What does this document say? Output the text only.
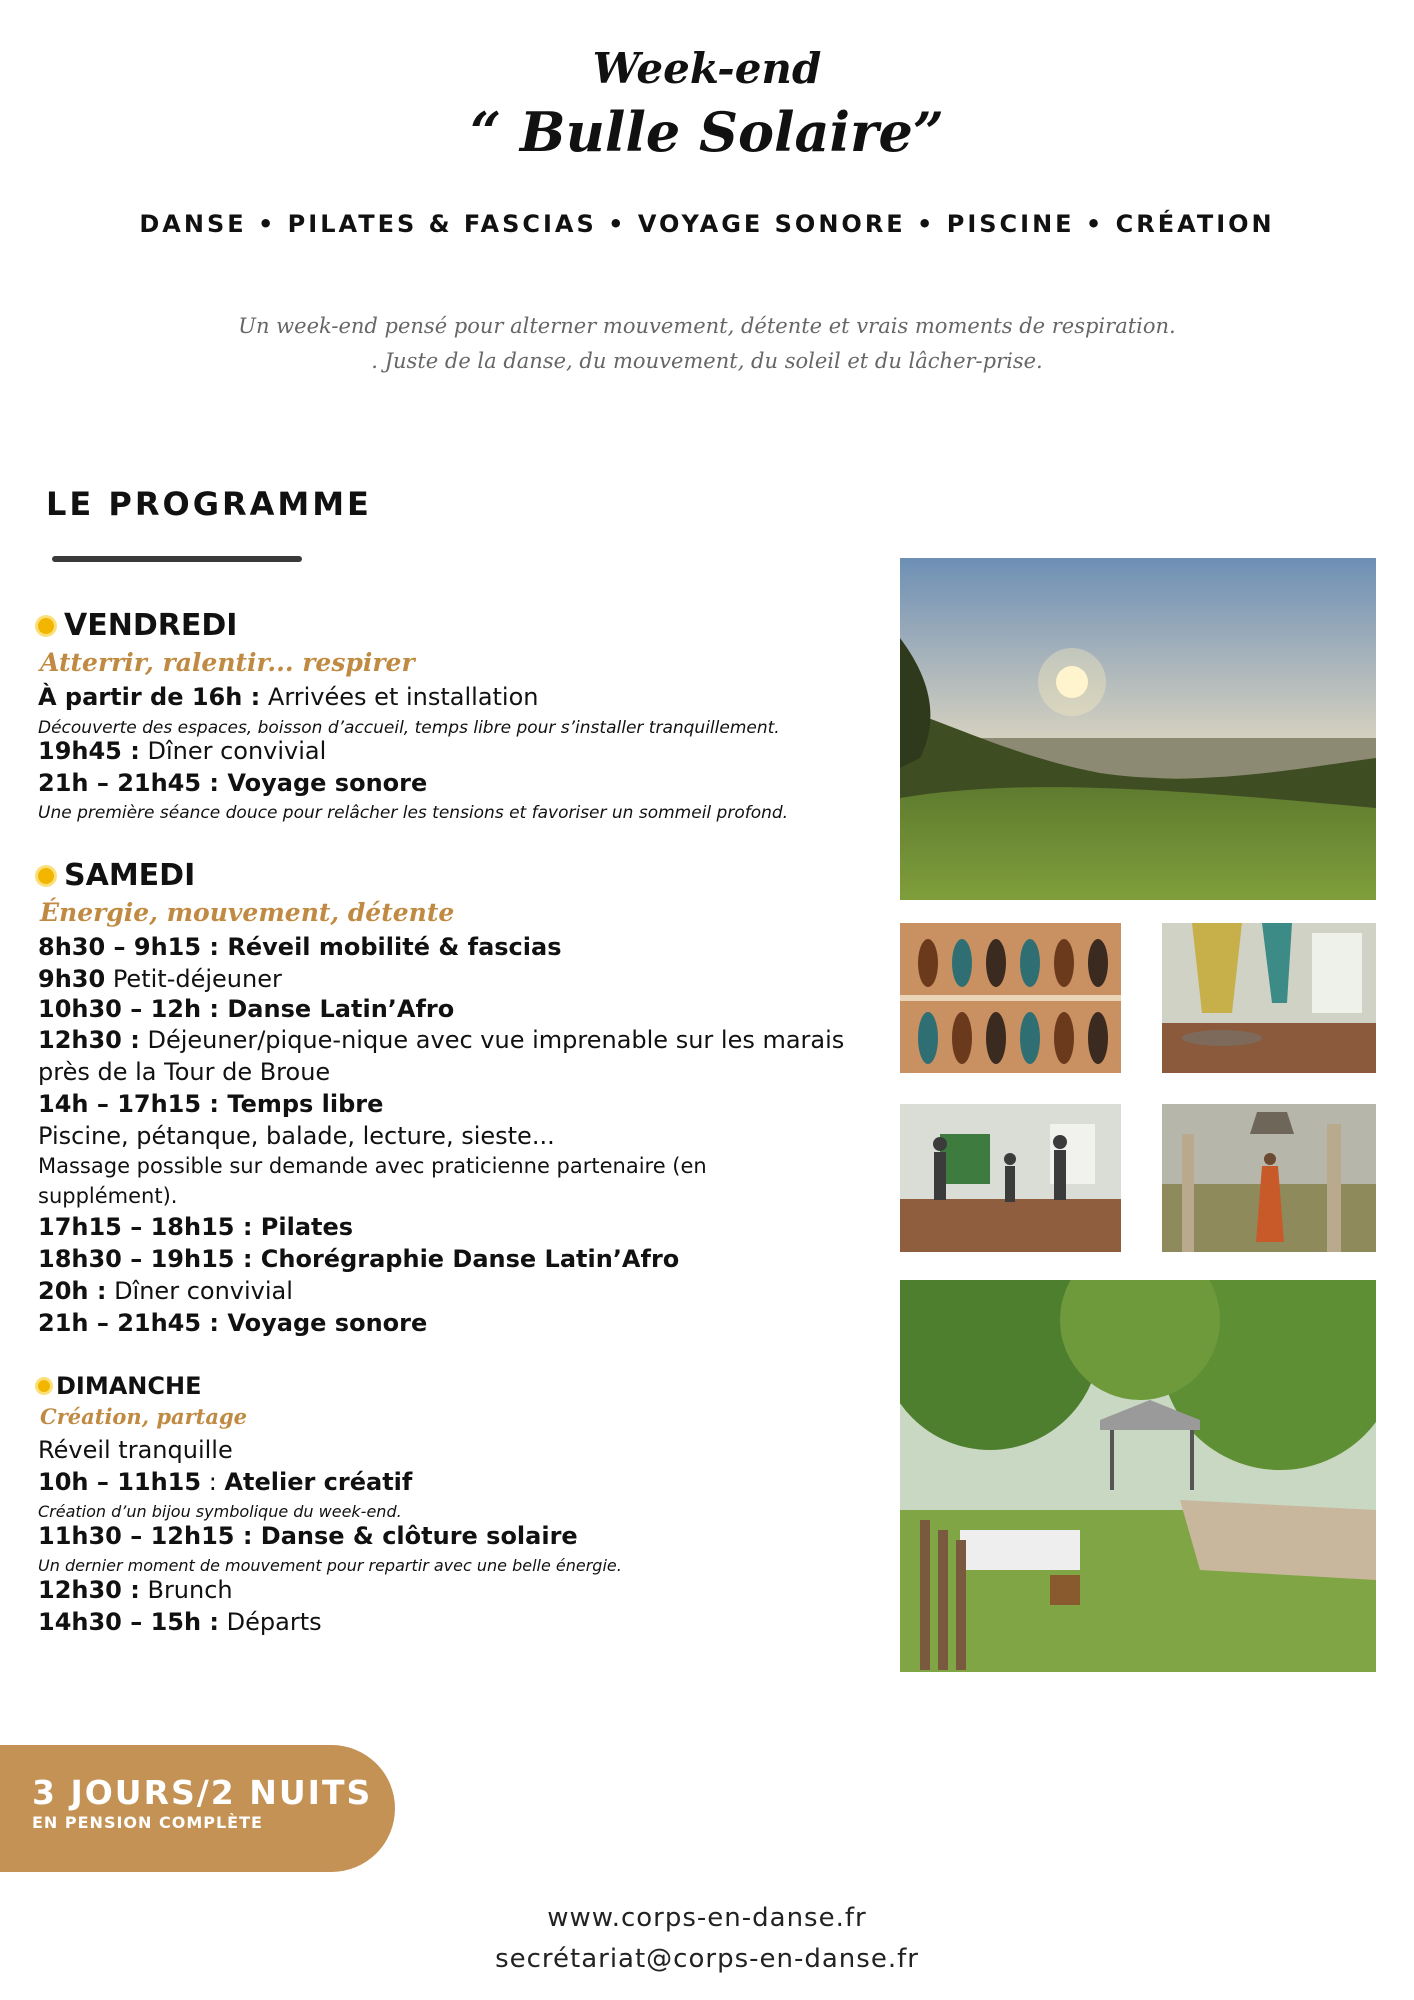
Week-end
“ Bulle Solaire”
DANSE • PILATES & FASCIAS • VOYAGE SONORE • PISCINE • CRÉATION
Un week-end pensé pour alterner mouvement, détente et vrais moments de respiration.
. Juste de la danse, du mouvement, du soleil et du lâcher-prise.
LE PROGRAMME
VENDREDI
Atterrir, ralentir... respirer
À partir de 16h : Arrivées et installation
Découverte des espaces, boisson d’accueil, temps libre pour s’installer tranquillement.
19h45 : Dîner convivial
21h – 21h45 : Voyage sonore
Une première séance douce pour relâcher les tensions et favoriser un sommeil profond.
SAMEDI
Énergie, mouvement, détente
8h30 – 9h15 : Réveil mobilité & fascias
9h30 Petit-déjeuner
10h30 – 12h : Danse Latin’Afro
12h30 : Déjeuner/pique-nique avec vue imprenable sur les marais
près de la Tour de Broue
14h – 17h15 : Temps libre
Piscine, pétanque, balade, lecture, sieste...
Massage possible sur demande avec praticienne partenaire (en
supplément).
17h15 – 18h15 : Pilates
18h30 – 19h15 : Chorégraphie Danse Latin’Afro
20h : Dîner convivial
21h – 21h45 : Voyage sonore
DIMANCHE
Création, partage
Réveil tranquille
10h – 11h15 : Atelier créatif
Création d’un bijou symbolique du week-end.
11h30 – 12h15 : Danse & clôture solaire
Un dernier moment de mouvement pour repartir avec une belle énergie.
12h30 : Brunch
14h30 – 15h : Départs
3 JOURS/2 NUITS
EN PENSION COMPLÈTE
www.corps-en-danse.fr
secrétariat@corps-en-danse.fr
